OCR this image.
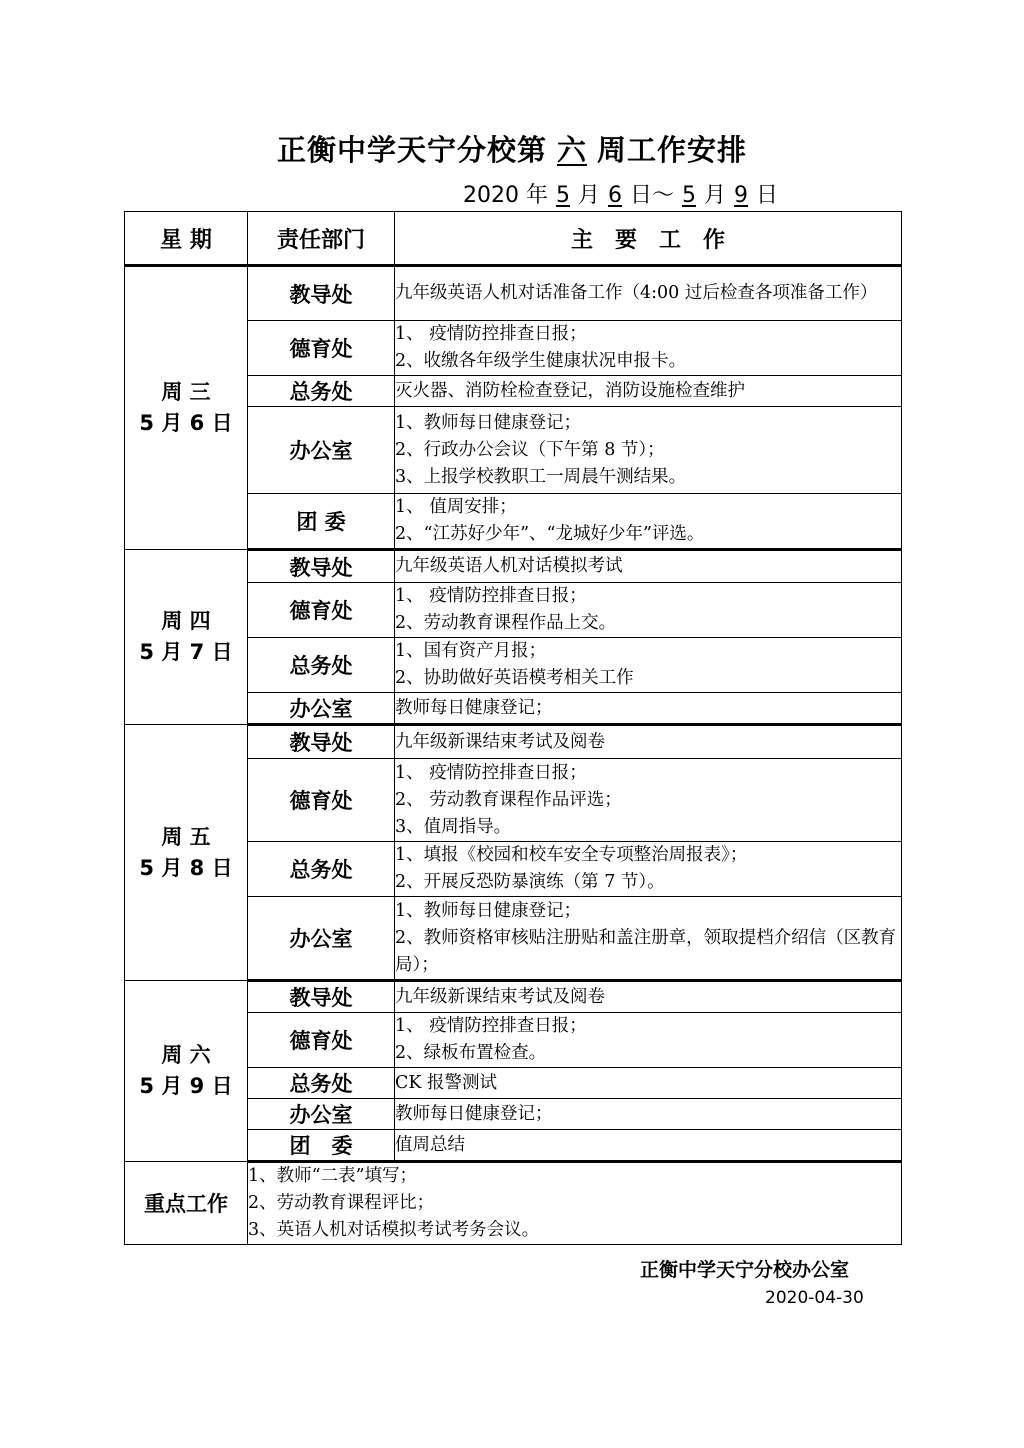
正衡中学天宁分校第 六 周工作安排
2020 年 5 月 6 日～ 5 月 9 日
星 期	责任部门	主　要　工　作

周 三
5 月 6 日	教导处	九年级英语人机对话准备工作（4:00 过后检查各项准备工作）

	德育处	1、 疫情防控排查日报；
2、收缴各年级学生健康状况申报卡。

	总务处	灭火器、消防栓检查登记，消防设施检查维护

	办公室	1、教师每日健康登记；
2、行政办公会议（下午第 8 节）；
3、上报学校教职工一周晨午测结果。

	团 委	1、 值周安排；
2、“江苏好少年”、“龙城好少年”评选。

周 四
5 月 7 日	教导处	九年级英语人机对话模拟考试

	德育处	1、 疫情防控排查日报；
2、劳动教育课程作品上交。

	总务处	1、国有资产月报；
2、协助做好英语模考相关工作

	办公室	教师每日健康登记；

周 五
5 月 8 日	教导处	九年级新课结束考试及阅卷

	德育处	1、 疫情防控排查日报；
2、 劳动教育课程作品评选；
3、值周指导。

	总务处	1、填报《校园和校车安全专项整治周报表》；
2、开展反恐防暴演练（第 7 节）。

	办公室	1、教师每日健康登记；
2、教师资格审核贴注册贴和盖注册章，领取提档介绍信（区教育局）；

周 六
5 月 9 日	教导处	九年级新课结束考试及阅卷

	德育处	1、 疫情防控排查日报；
2、绿板布置检查。

	总务处	CK 报警测试

	办公室	教师每日健康登记；

	团　委	值周总结

重点工作	1、教师“二表”填写；
2、劳动教育课程评比；
3、英语人机对话模拟考试考务会议。	
正衡中学天宁分校办公室
2020-04-30
